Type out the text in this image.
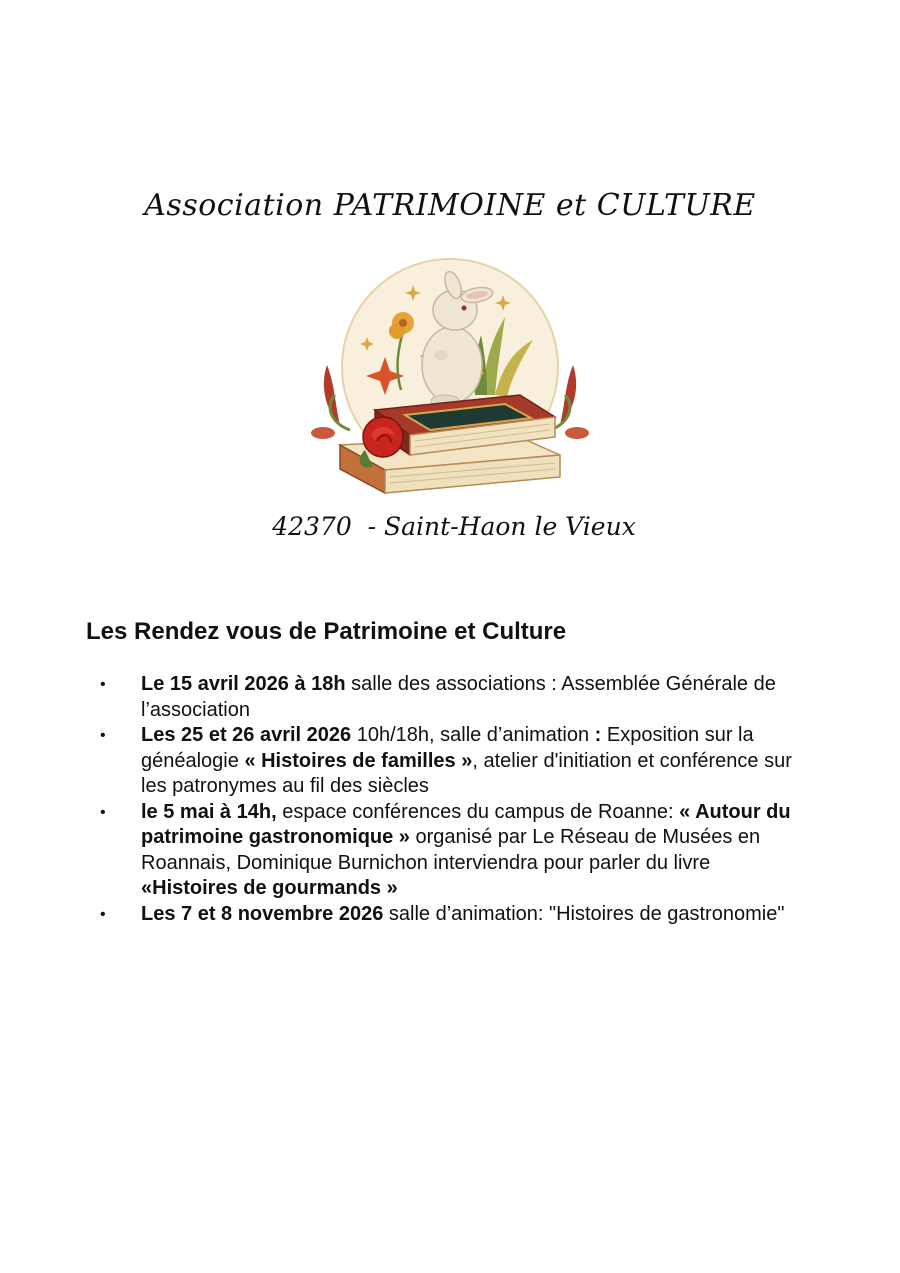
Association PATRIMOINE et CULTURE
42370  - Saint-Haon le Vieux
Les Rendez vous de Patrimoine et Culture
• Le 15 avril 2026 à 18h salle des associations : Assemblée Générale de l’association
• Les 25 et 26 avril 2026 10h/18h, salle d’animation : Exposition sur la généalogie « Histoires de familles », atelier d'initiation et conférence sur les patronymes au fil des siècles
• le 5 mai à 14h, espace conférences du campus de Roanne: « Autour du patrimoine gastronomique » organisé par Le Réseau de Musées en Roannais, Dominique Burnichon interviendra pour parler du livre «Histoires de gourmands »
• Les 7 et 8 novembre 2026 salle d’animation: "Histoires de gastronomie"
